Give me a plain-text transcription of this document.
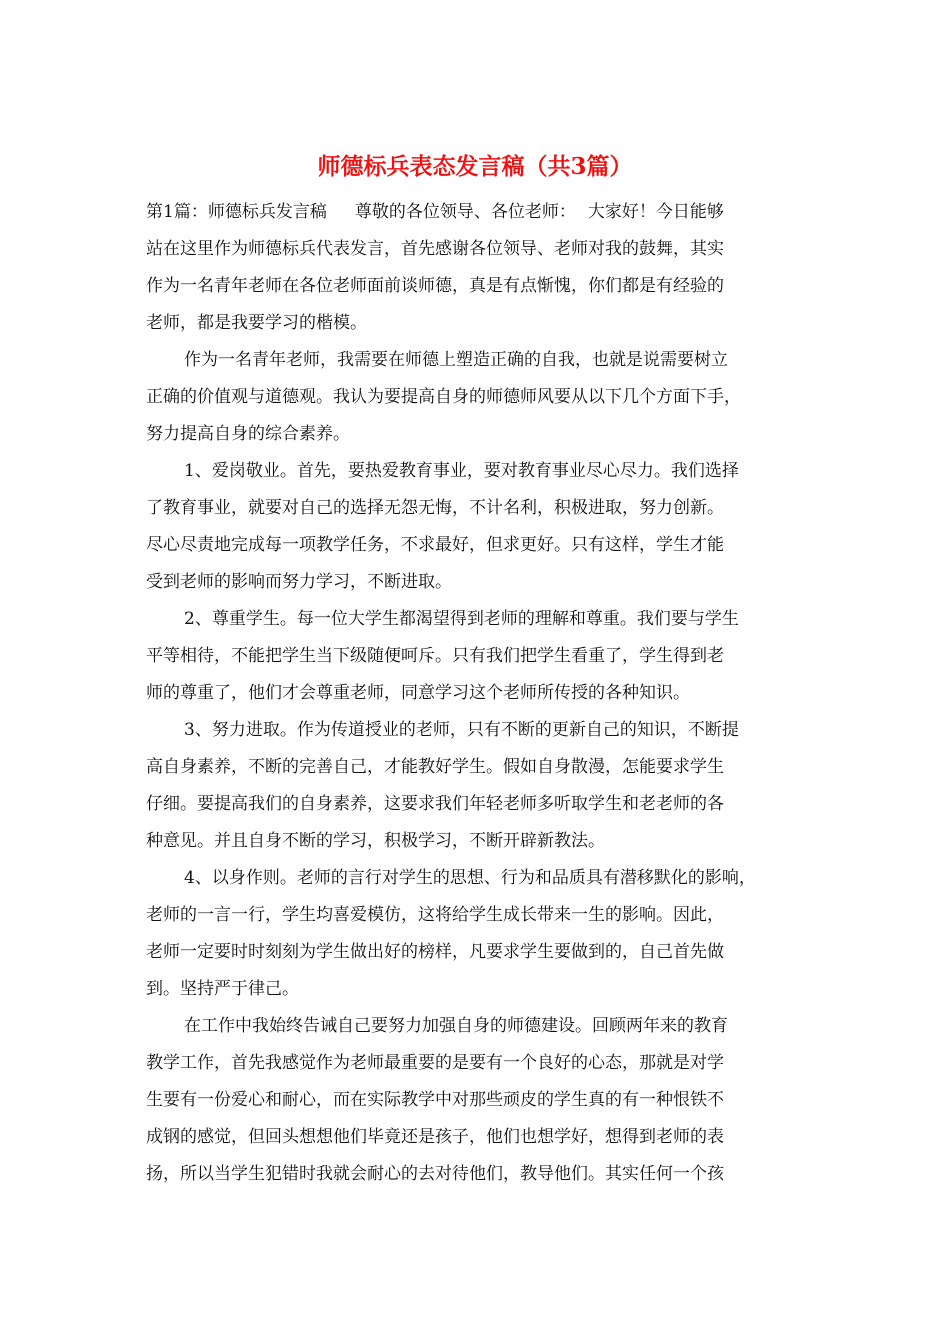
师德标兵表态发言稿（共3篇）
第1篇：师德标兵发言稿 尊敬的各位领导、各位老师： 大家好！今日能够
站在这里作为师德标兵代表发言，首先感谢各位领导、老师对我的鼓舞，其实
作为一名青年老师在各位老师面前谈师德，真是有点惭愧，你们都是有经验的
老师，都是我要学习的楷模。
作为一名青年老师，我需要在师德上塑造正确的自我，也就是说需要树立
正确的价值观与道德观。我认为要提高自身的师德师风要从以下几个方面下手，
努力提高自身的综合素养。
1、爱岗敬业。首先，要热爱教育事业，要对教育事业尽心尽力。我们选择
了教育事业，就要对自己的选择无怨无悔，不计名利，积极进取，努力创新。
尽心尽责地完成每一项教学任务，不求最好，但求更好。只有这样，学生才能
受到老师的影响而努力学习，不断进取。
2、尊重学生。每一位大学生都渴望得到老师的理解和尊重。我们要与学生
平等相待，不能把学生当下级随便呵斥。只有我们把学生看重了，学生得到老
师的尊重了，他们才会尊重老师，同意学习这个老师所传授的各种知识。
3、努力进取。作为传道授业的老师，只有不断的更新自己的知识，不断提
高自身素养，不断的完善自己，才能教好学生。假如自身散漫，怎能要求学生
仔细。要提高我们的自身素养，这要求我们年轻老师多听取学生和老老师的各
种意见。并且自身不断的学习，积极学习，不断开辟新教法。
4、以身作则。老师的言行对学生的思想、行为和品质具有潜移默化的影响，
老师的一言一行，学生均喜爱模仿，这将给学生成长带来一生的影响。因此，
老师一定要时时刻刻为学生做出好的榜样，凡要求学生要做到的，自己首先做
到。坚持严于律己。
在工作中我始终告诫自己要努力加强自身的师德建设。回顾两年来的教育
教学工作，首先我感觉作为老师最重要的是要有一个良好的心态，那就是对学
生要有一份爱心和耐心，而在实际教学中对那些顽皮的学生真的有一种恨铁不
成钢的感觉，但回头想想他们毕竟还是孩子，他们也想学好，想得到老师的表
扬，所以当学生犯错时我就会耐心的去对待他们，教导他们。其实任何一个孩
